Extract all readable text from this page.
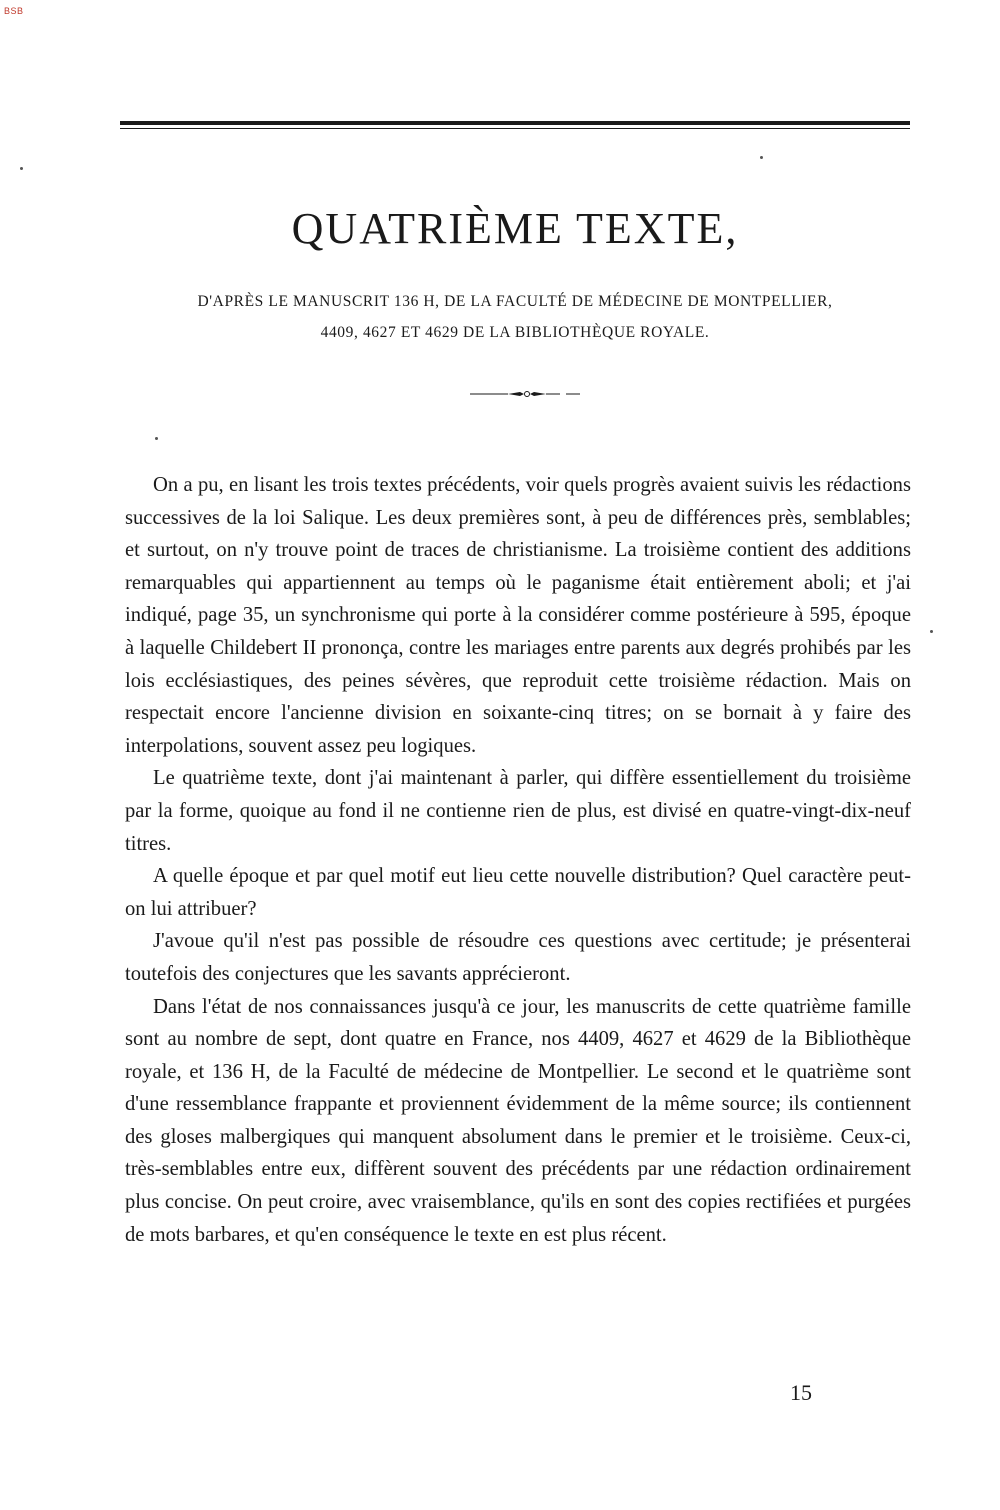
BSB
QUATRIÈME TEXTE,
D'APRÈS LE MANUSCRIT 136 H, DE LA FACULTÉ DE MÉDECINE DE MONTPELLIER,
4409, 4627 ET 4629 DE LA BIBLIOTHÈQUE ROYALE.

On a pu, en lisant les trois textes précédents, voir quels progrès avaient suivis les rédactions successives de la loi Salique. Les deux premières sont, à peu de différences près, semblables; et surtout, on n'y trouve point de traces de christianisme. La troisième contient des additions remarquables qui appartiennent au temps où le paganisme était entièrement aboli; et j'ai indiqué, page 35, un synchronisme qui porte à la considérer comme postérieure à 595, époque à laquelle Childebert II prononça, contre les mariages entre parents aux degrés prohibés par les lois ecclésiastiques, des peines sévères, que reproduit cette troisième rédaction. Mais on respectait encore l'ancienne division en soixante-cinq titres; on se bornait à y faire des interpolations, souvent assez peu logiques.

Le quatrième texte, dont j'ai maintenant à parler, qui diffère essentiellement du troisième par la forme, quoique au fond il ne contienne rien de plus, est divisé en quatre-vingt-dix-neuf titres.

A quelle époque et par quel motif eut lieu cette nouvelle distribution? Quel caractère peut-on lui attribuer?

J'avoue qu'il n'est pas possible de résoudre ces questions avec certitude; je présenterai toutefois des conjectures que les savants apprécieront.

Dans l'état de nos connaissances jusqu'à ce jour, les manuscrits de cette quatrième famille sont au nombre de sept, dont quatre en France, nos 4409, 4627 et 4629 de la Bibliothèque royale, et 136 H, de la Faculté de médecine de Montpellier. Le second et le quatrième sont d'une ressemblance frappante et proviennent évidemment de la même source; ils contiennent des gloses malbergiques qui manquent absolument dans le premier et le troisième. Ceux-ci, très-semblables entre eux, diffèrent souvent des précédents par une rédaction ordinairement plus concise. On peut croire, avec vraisemblance, qu'ils en sont des copies rectifiées et purgées de mots barbares, et qu'en conséquence le texte en est plus récent.

15
